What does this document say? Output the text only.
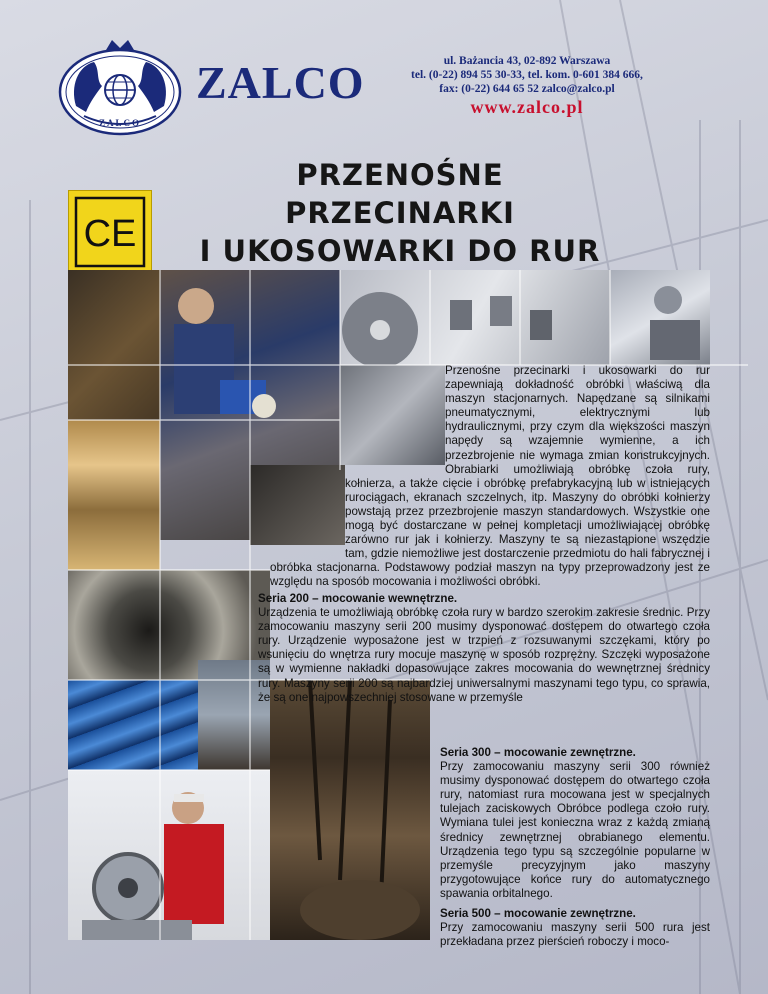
ZALCO
ZALCO	ul. Bażancia 43, 02-892 Warszawa
tel. (0-22) 894 55 30-33, tel. kom. 0-601 384 666,
fax: (0-22) 644 65 52 zalco@zalco.pl
www.zalco.pl
PRZENOŚNE PRZECINARKI
I UKOSOWARKI DO RUR
CE

Przenośne przecinarki i ukosowarki do rur zapewniają dokładność obróbki właściwą dla maszyn stacjonarnych. Napędzane są silnikami pneumatycznymi, elektrycznymi lub hydraulicznymi, przy czym dla większości maszyn napędy są wzajemnie wymienne, a ich przezbrojenie nie wymaga zmian konstrukcyjnych. Obrabiarki umożliwiają obróbkę czoła rury, kołnierza, a także cięcie i obróbkę prefabrykacyjną lub w istniejących rurociągach, ekranach szczelnych, itp. Maszyny do obróbki kołnierzy powstają przez przezbrojenie maszyn standardowych. Wszystkie one mogą być dostarczane w pełnej kompletacji umożliwiającej obróbkę zarówno rur jak i kołnierzy. Maszyny te są niezastąpione wszędzie tam, gdzie niemożliwe jest dostarczenie przedmiotu do hali fabrycznej i obróbka stacjonarna. Podstawowy podział maszyn na typy przeprowadzony jest ze względu na sposób mocowania i możliwości obróbki.

Seria 200 – mocowanie wewnętrzne.
Urządzenia te umożliwiają obróbkę czoła rury w bardzo szerokim zakresie średnic. Przy zamocowaniu maszyny serii 200 musimy dysponować dostępem do otwartego czoła rury. Urządzenie wyposażone jest w trzpień z rozsuwanymi szczękami, który po wsunięciu do wnętrza rury mocuje maszynę w sposób rozprężny. Szczęki wyposażone są w wymienne nakładki dopasowujące zakres mocowania do wewnętrznej średnicy rury. Maszyny serii 200 są najbardziej uniwersalnymi maszynami tego typu, co sprawia, że są one najpowszechniej stosowane w przemyśle

Seria 300 – mocowanie zewnętrzne.
Przy zamocowaniu maszyny serii 300 również musimy dysponować dostępem do otwartego czoła rury, natomiast rura mocowana jest w specjalnych tulejach zaciskowych Obróbce podlega czoło rury. Wymiana tulei jest konieczna wraz z każdą zmianą średnicy zewnętrznej obrabianego elementu. Urządzenia tego typu są szczególnie popularne w przemyśle precyzyjnym jako maszyny przygotowujące końce rury do automatycznego spawania orbitalnego.

Seria 500 – mocowanie zewnętrzne.
Przy zamocowaniu maszyny serii 500 rura jest przekładana przez pierścień roboczy i moco-
